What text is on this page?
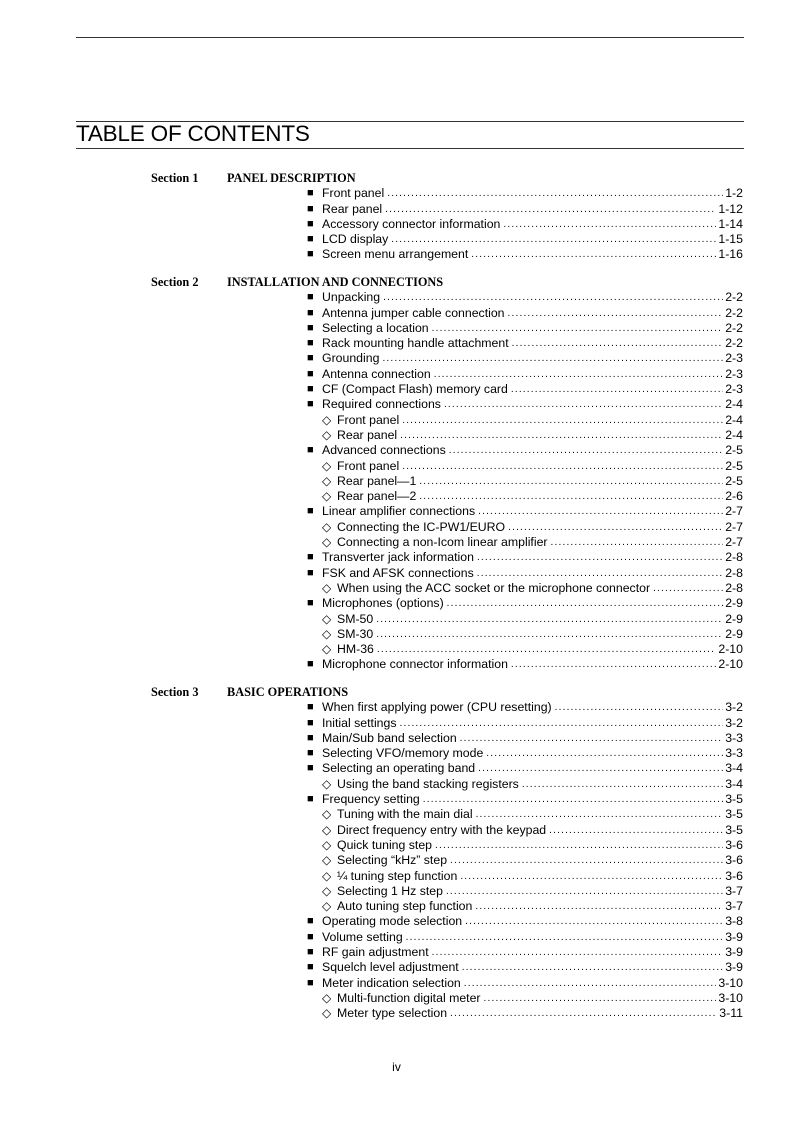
TABLE OF CONTENTS
Section 1 PANEL DESCRIPTION
■ Front panel .....	1-2
■ Rear panel .....	1-12
■ Accessory connector information .....	1-14
■ LCD display .....	1-15
■ Screen menu arrangement .....	1-16
Section 2 INSTALLATION AND CONNECTIONS
■ Unpacking .....	2-2
■ Antenna jumper cable connection .....	2-2
■ Selecting a location .....	2-2
■ Rack mounting handle attachment .....	2-2
■ Grounding .....	2-3
■ Antenna connection .....	2-3
■ CF (Compact Flash) memory card .....	2-3
■ Required connections .....	2-4
◇ Front panel .....	2-4
◇ Rear panel .....	2-4
■ Advanced connections .....	2-5
◇ Front panel .....	2-5
◇ Rear panel—1 .....	2-5
◇ Rear panel—2 .....	2-6
■ Linear amplifier connections .....	2-7
◇ Connecting the IC-PW1/EURO .....	2-7
◇ Connecting a non-Icom linear amplifier .....	2-7
■ Transverter jack information .....	2-8
■ FSK and AFSK connections .....	2-8
◇ When using the ACC socket or the microphone connector .....	2-8
■ Microphones (options) .....	2-9
◇ SM-50 .....	2-9
◇ SM-30 .....	2-9
◇ HM-36 .....	2-10
■ Microphone connector information .....	2-10
Section 3 BASIC OPERATIONS
■ When first applying power (CPU resetting) .....	3-2
■ Initial settings .....	3-2
■ Main/Sub band selection .....	3-3
■ Selecting VFO/memory mode .....	3-3
■ Selecting an operating band .....	3-4
◇ Using the band stacking registers .....	3-4
■ Frequency setting .....	3-5
◇ Tuning with the main dial .....	3-5
◇ Direct frequency entry with the keypad .....	3-5
◇ Quick tuning step .....	3-6
◇ Selecting “kHz” step .....	3-6
◇ ¼ tuning step function .....	3-6
◇ Selecting 1 Hz step .....	3-7
◇ Auto tuning step function .....	3-7
■ Operating mode selection .....	3-8
■ Volume setting .....	3-9
■ RF gain adjustment .....	3-9
■ Squelch level adjustment .....	3-9
■ Meter indication selection .....	3-10
◇ Multi-function digital meter .....	3-10
◇ Meter type selection .....	3-11
iv
